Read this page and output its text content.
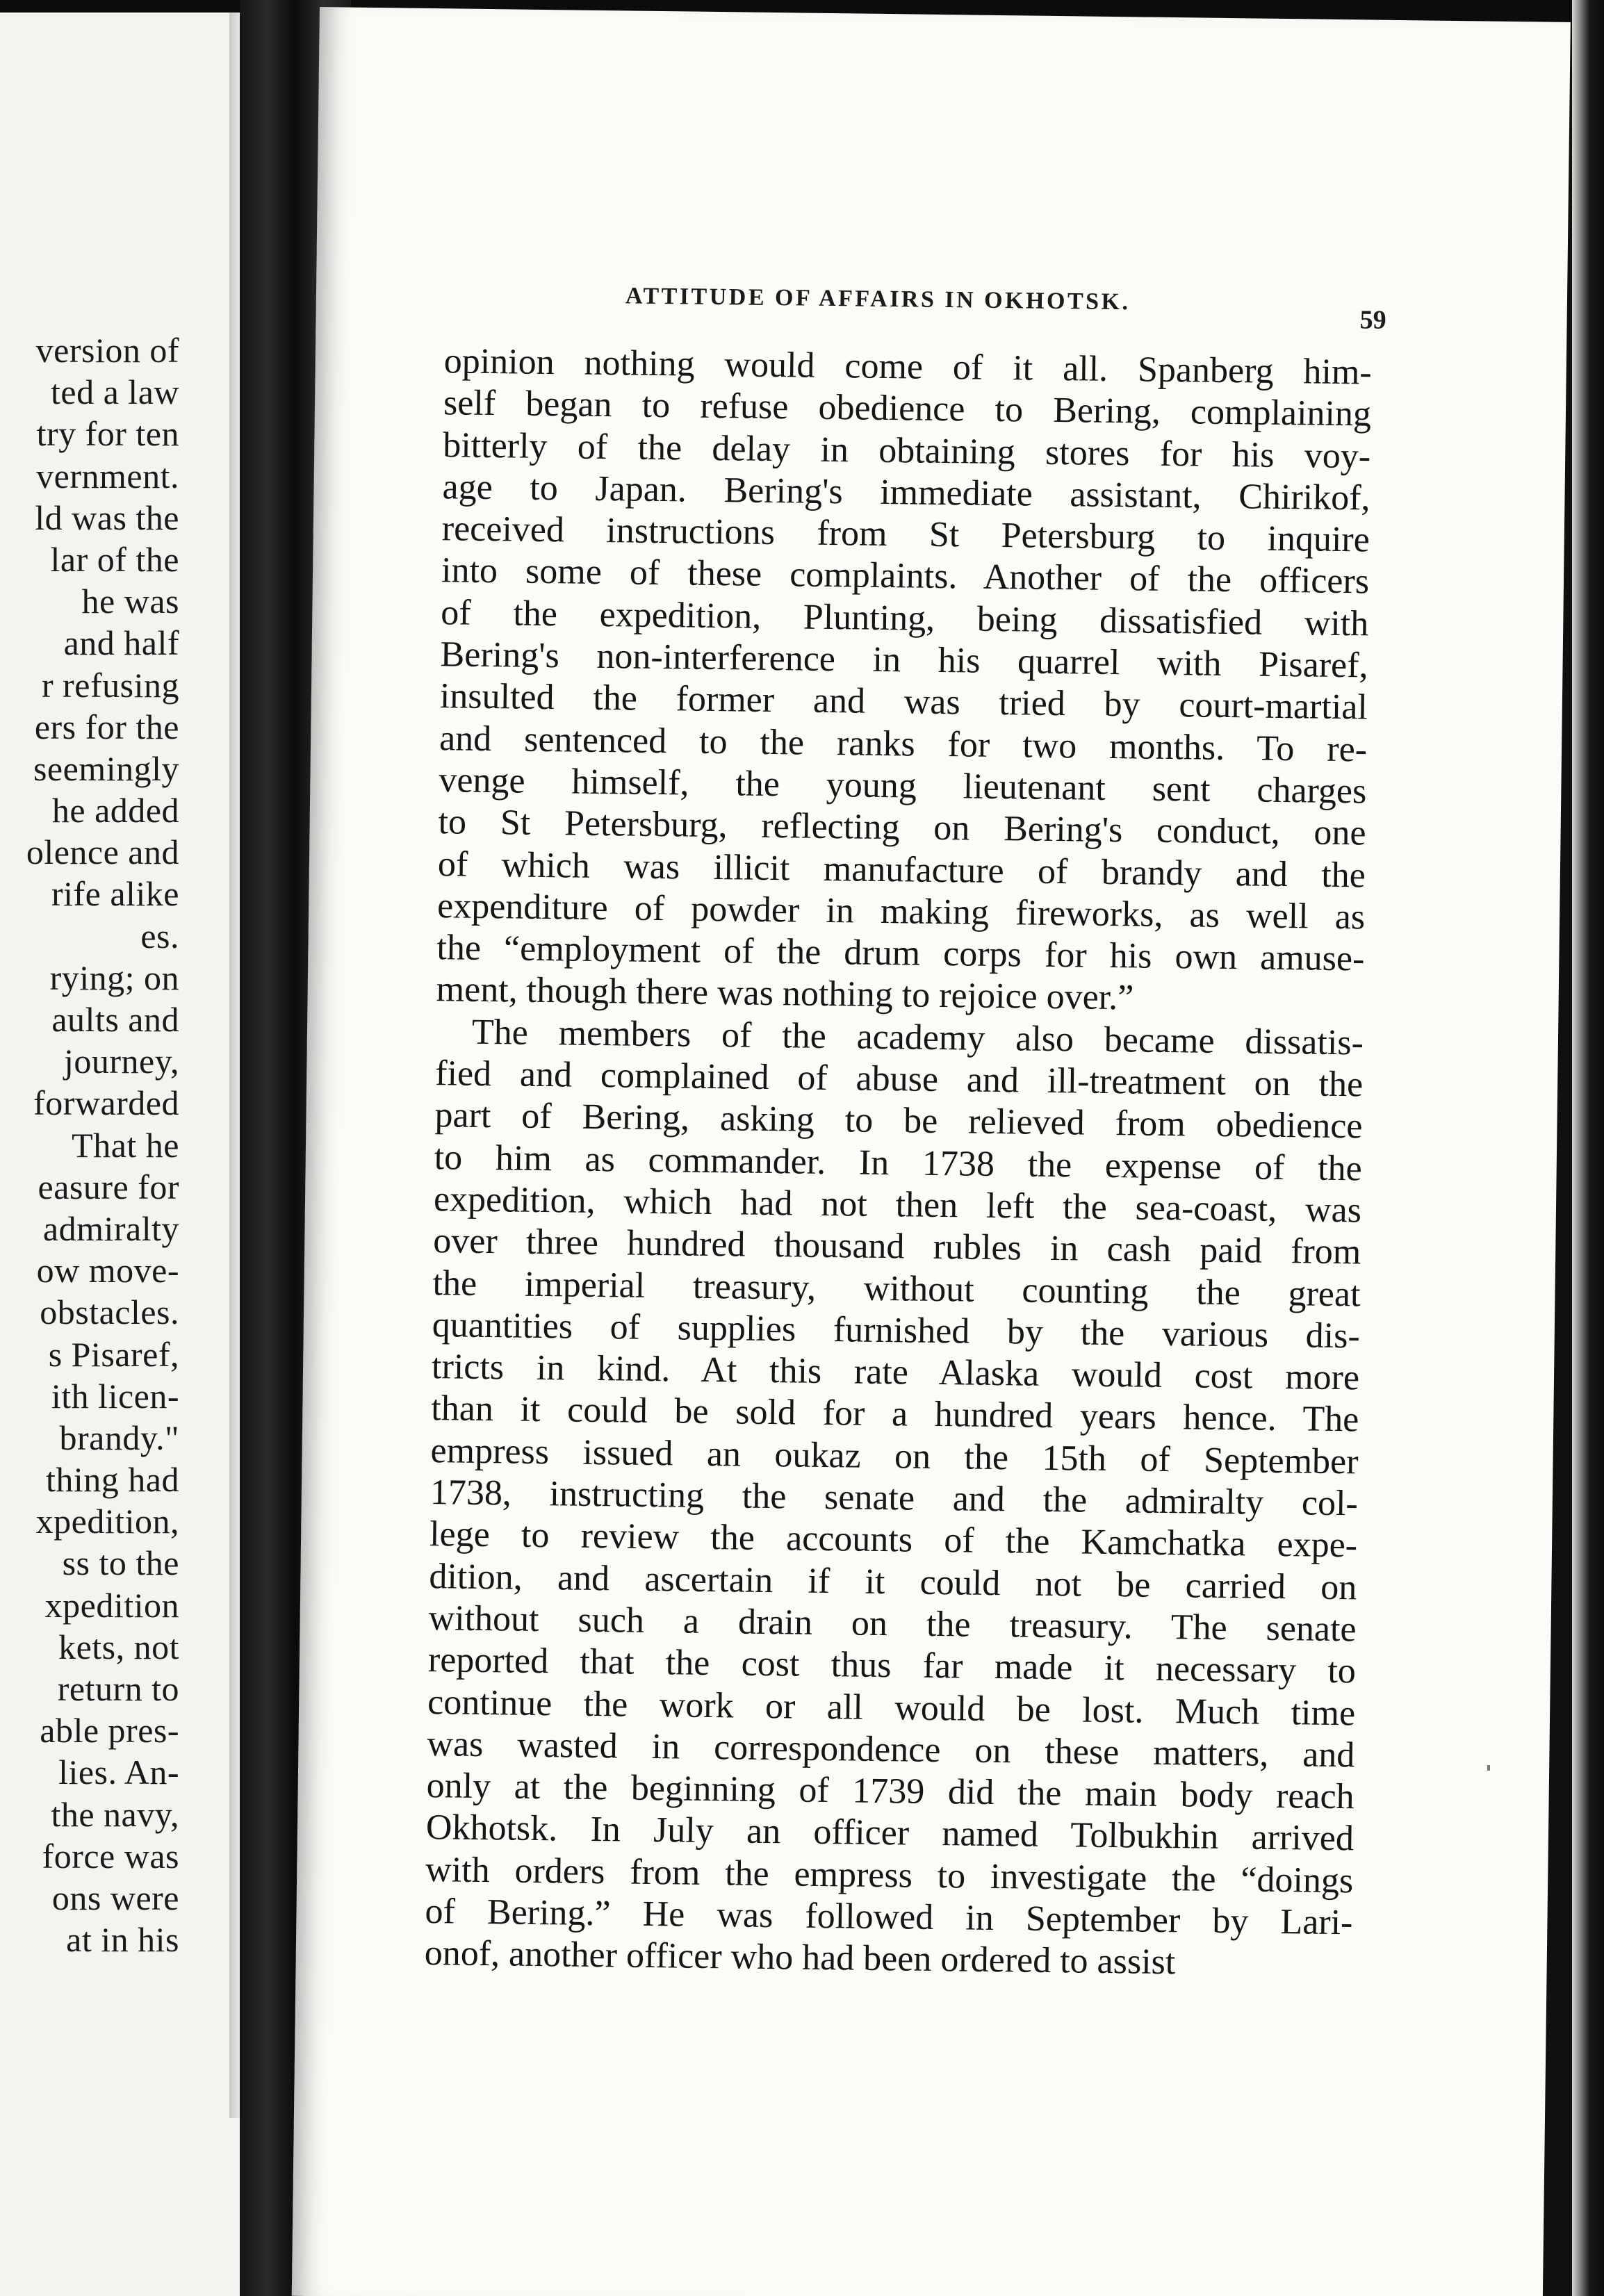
version of
ted a law
try for ten
vernment.
ld was the
lar of the
he was
and half
r refusing
ers for the
seemingly
he added
olence and
rife alike
es.
rying; on
aults and
journey,
forwarded
That he
easure for
admiralty
ow move-
obstacles.
s Pisaref,
ith licen-
brandy."
thing had
xpedition,
ss to the
xpedition
kets, not
return to
able pres-
lies. An-
the navy,
force was
ons were
at in his
ATTITUDE OF AFFAIRS IN OKHOTSK.
59
opinion nothing would come of it all. Spanberg him-
self began to refuse obedience to Bering, complaining
bitterly of the delay in obtaining stores for his voy-
age to Japan. Bering's immediate assistant, Chirikof,
received instructions from St Petersburg to inquire
into some of these complaints. Another of the officers
of the expedition, Plunting, being dissatisfied with
Bering's non-interference in his quarrel with Pisaref,
insulted the former and was tried by court-martial
and sentenced to the ranks for two months. To re-
venge himself, the young lieutenant sent charges
to St Petersburg, reflecting on Bering's conduct, one
of which was illicit manufacture of brandy and the
expenditure of powder in making fireworks, as well as
the “employment of the drum corps for his own amuse-
ment, though there was nothing to rejoice over.”
The members of the academy also became dissatis-
fied and complained of abuse and ill-treatment on the
part of Bering, asking to be relieved from obedience
to him as commander. In 1738 the expense of the
expedition, which had not then left the sea-coast, was
over three hundred thousand rubles in cash paid from
the imperial treasury, without counting the great
quantities of supplies furnished by the various dis-
tricts in kind. At this rate Alaska would cost more
than it could be sold for a hundred years hence. The
empress issued an oukaz on the 15th of September
1738, instructing the senate and the admiralty col-
lege to review the accounts of the Kamchatka expe-
dition, and ascertain if it could not be carried on
without such a drain on the treasury. The senate
reported that the cost thus far made it necessary to
continue the work or all would be lost. Much time
was wasted in correspondence on these matters, and
only at the beginning of 1739 did the main body reach
Okhotsk. In July an officer named Tolbukhin arrived
with orders from the empress to investigate the “doings
of Bering.” He was followed in September by Lari-
onof, another officer who had been ordered to assist
